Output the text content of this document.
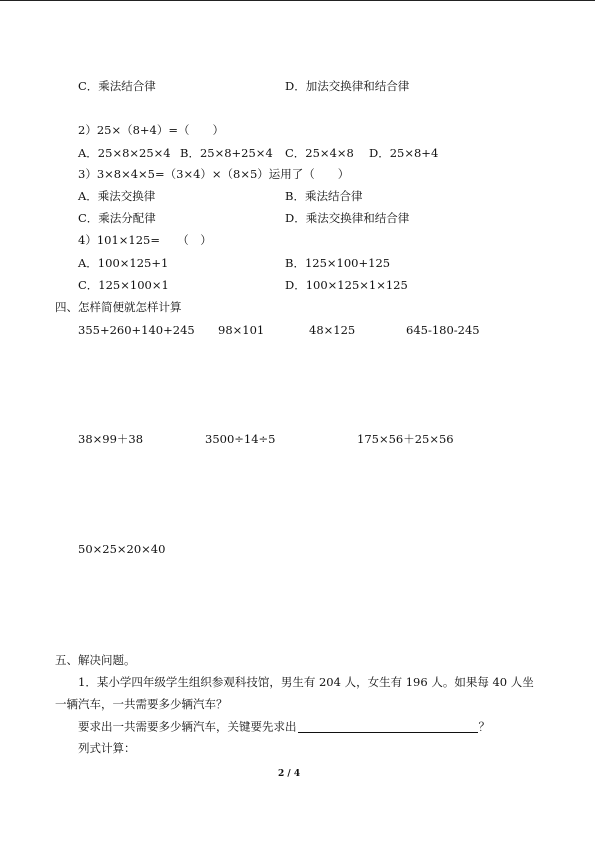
C．乘法结合律	D．加法交换律和结合律
2）25×（8+4）=（　　）
A．25×8×25×4 B．25×8+25×4 C．25×4×8 D．25×8+4
3）3×8×4×5=（3×4）×（8×5）运用了（　　）
A．乘法交换律	B．乘法结合律
C．乘法分配律	D．乘法交换律和结合律
4）101×125=　　（　）
A．100×125+1	B．125×100+125
C．125×100×1	D．100×125×1×125
四、怎样简便就怎样计算
355+260+140+245 98×101	48×125	645-180-245
38×99＋38	3500÷14÷5	175×56＋25×56
50×25×20×40
五、解决问题。
1．某小学四年级学生组织参观科技馆，男生有 204 人，女生有 196 人。如果每 40 人坐
一辆汽车，一共需要多少辆汽车？
要求出一共需要多少辆汽车，关键要先求出	？
列式计算：
2 / 4
